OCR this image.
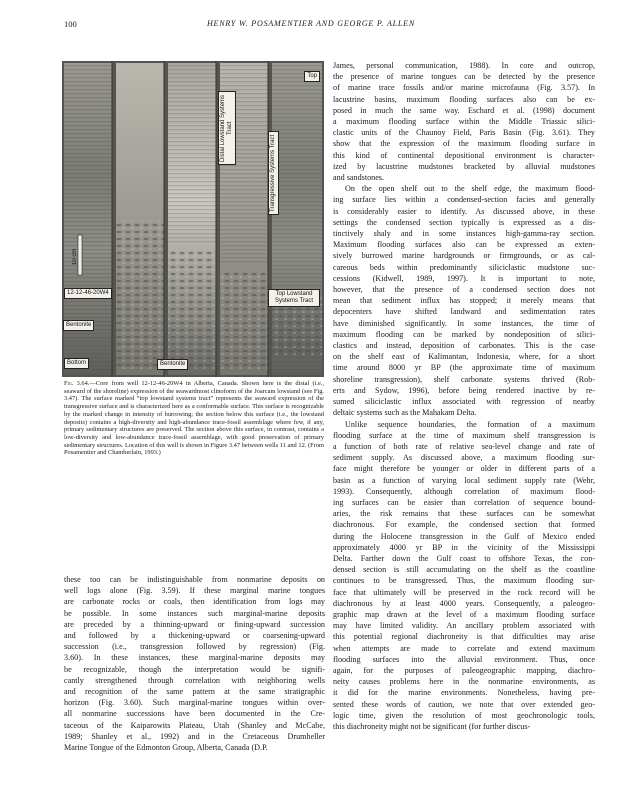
100	HENRY W. POSAMENTIER AND GEORGE P. ALLEN
Top
Distal Lowstand Systems Tract
Transgressive Systems Tract
10 cm
12-12-46-20W4	Top Lowstand Systems Tract
Bentonite
Bottom	Bentonite
Fig. 3.64.—Core from well 12-12-46-20W4 in Alberta, Canada. Shown here is the distal (i.e., seaward of the shoreline) expression of the seawardmost clinoform of the Joarcam lowstand (see Fig. 3.47). The surface marked “top lowstand systems tract” represents the seaward expression of the transgressive surface and is characterized here as a conformable surface. This surface is recognizable by the marked change in intensity of burrowing; the section below this surface (i.e., the lowstand deposits) contains a high-diversity and high-abundance trace-fossil assemblage where few, if any, primary sedimentary structures are preserved. The section above this surface, in contrast, contains a low-diversity and low-abundance trace-fossil assemblage, with good preservation of primary sedimentary structures. Location of this well is shown in Figure 3.47 between wells 11 and 12. (From Posamentier and Chamberlain, 1993.)
these too can be indistinguishable from nonmarine deposits on
well logs alone (Fig. 3.59). If these marginal marine tongues
are carbonate rocks or coals, then identification from logs may
be possible. In some instances such marginal-marine deposits
are preceded by a thinning-upward or fining-upward succession
and followed by a thickening-upward or coarsening-upward
succession (i.e., transgression followed by regression) (Fig.
3.60). In these instances, these marginal-marine deposits may
be recognizable, though the interpretation would be signifi-
cantly strengthened through correlation with neighboring wells
and recognition of the same pattern at the same stratigraphic
horizon (Fig. 3.60). Such marginal-marine tongues within over-
all nonmarine successions have been documented in the Cre-
taceous of the Kaiparowits Plateau, Utah (Shanley and McCabe,
1989; Shanley et al., 1992) and in the Cretaceous Drumheller
Marine Tongue of the Edmonton Group, Alberta, Canada (D.P.
James, personal communication, 1988). In core and outcrop,
the presence of marine tongues can be detected by the presence
of marine trace fossils and/or marine microfauna (Fig. 3.57). In
lacustrine basins, maximum flooding surfaces also can be ex-
posed in much the same way. Eschard et al. (1998) document
a maximum flooding surface within the Middle Triassic silici-
clastic units of the Chaunoy Field, Paris Basin (Fig. 3.61). They
show that the expression of the maximum flooding surface in
this kind of continental depositional environment is character-
ized by lacustrine mudstones bracketed by alluvial mudstones
and sandstones.
On the open shelf out to the shelf edge, the maximum flood-
ing surface lies within a condensed-section facies and generally
is considerably easier to identify. As discussed above, in these
settings the condensed section typically is expressed as a dis-
tinctively shaly and in some instances high-gamma-ray section.
Maximum flooding surfaces also can be expressed as exten-
sively burrowed marine hardgrounds or firmgrounds, or as cal-
careous beds within predominantly siliciclastic mudstone suc-
cessions (Kidwell, 1989, 1997). It is important to note,
however, that the presence of a condensed section does not
mean that sediment influx has stopped; it merely means that
depocenters have shifted landward and sedimentation rates
have diminished significantly. In some instances, the time of
maximum flooding can be marked by nondeposition of silici-
clastics and instead, deposition of carbonates. This is the case
on the shelf east of Kalimantan, Indonesia, where, for a short
time around 8000 yr BP (the approximate time of maximum
shoreline transgression), shelf carbonate systems thrived (Rob-
erts and Sydow, 1996), before being rendered inactive by re-
sumed siliciclastic influx associated with regression of nearby
deltaic systems such as the Mahakam Delta.
Unlike sequence boundaries, the formation of a maximum
flooding surface at the time of maximum shelf transgression is
a function of both rate of relative sea-level change and rate of
sediment supply. As discussed above, a maximum flooding sur-
face might therefore be younger or older in different parts of a
basin as a function of varying local sediment supply rate (Wehr,
1993). Consequently, although correlation of maximum flood-
ing surfaces can be easier than correlation of sequence bound-
aries, the risk remains that these surfaces can be somewhat
diachronous. For example, the condensed section that formed
during the Holocene transgression in the Gulf of Mexico ended
approximately 4000 yr BP in the vicinity of the Mississippi
Delta. Farther down the Gulf coast to offshore Texas, the con-
densed section is still accumulating on the shelf as the coastline
continues to be transgressed. Thus, the maximum flooding sur-
face that ultimately will be preserved in the rock record will be
diachronous by at least 4000 years. Consequently, a paleogeo-
graphic map drawn at the level of a maximum flooding surface
may have limited validity. An ancillary problem associated with
this potential regional diachroneity is that difficulties may arise
when attempts are made to correlate and extend maximum
flooding surfaces into the alluvial environment. Thus, once
again, for the purposes of paleogeographic mapping, diachro-
neity causes problems here in the nonmarine environments, as
it did for the marine environments. Nonetheless, having pre-
sented these words of caution, we note that over extended geo-
logic time, given the resolution of most geochronologic tools,
this diachroneity might not be significant (for further discus-
